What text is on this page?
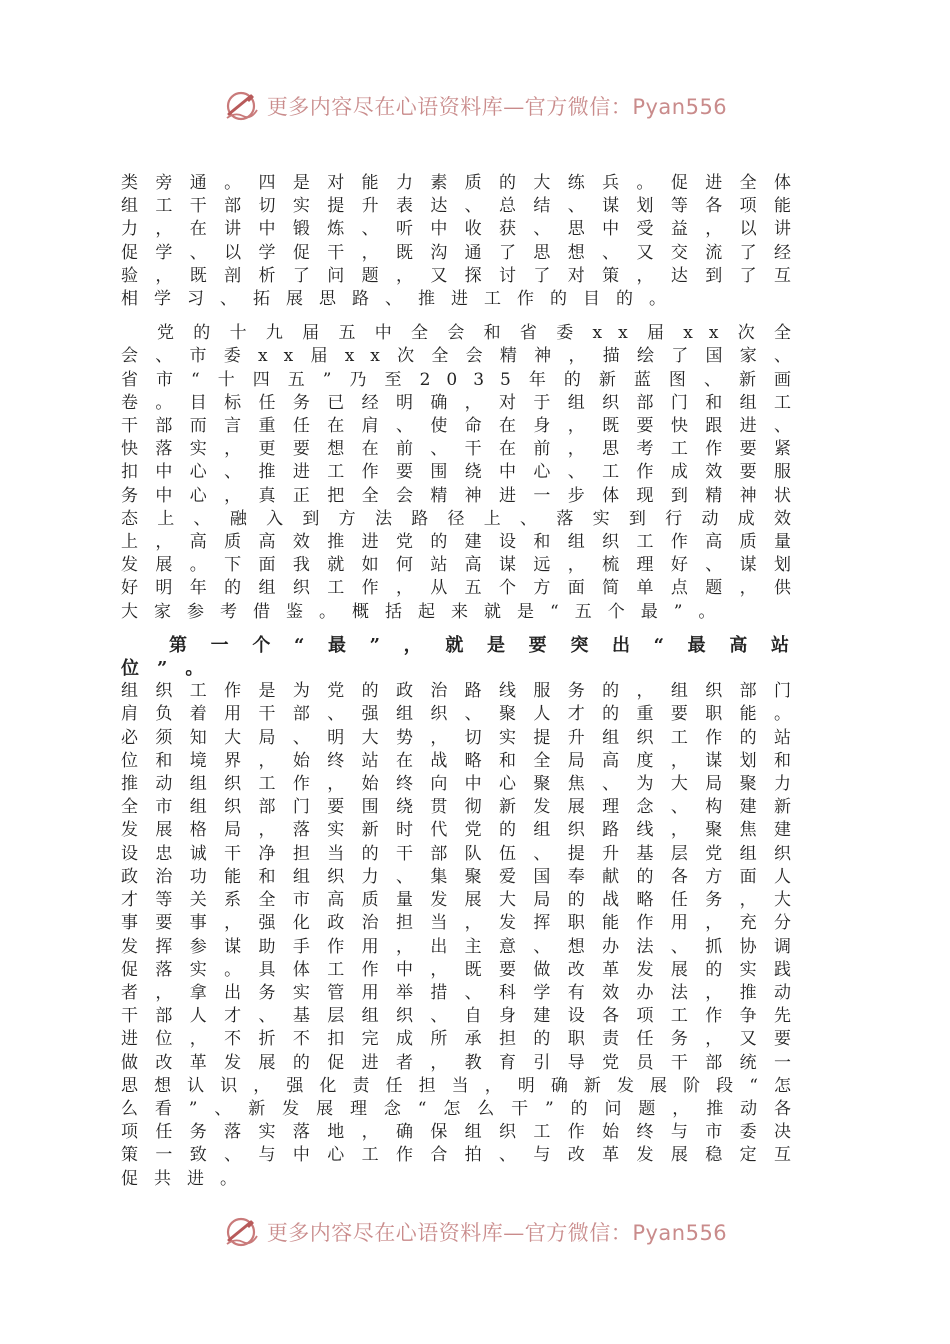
更多内容尽在心语资料库—官方微信：Pyan556

类旁通。四是对能力素质的大练兵。促进全体组工干部切实提升表达、总结、谋划等各项能力，在讲中锻炼、听中收获、思中受益，以讲促学、以学促干，既沟通了思想、又交流了经验，既剖析了问题，又探讨了对策，达到了互相学习、拓展思路、推进工作的目的。

党的十九届五中全会和省委xx届xx次全会、市委xx届xx次全会精神，描绘了国家、省市“十四五”乃至2035年的新蓝图、新画卷。目标任务已经明确，对于组织部门和组工干部而言重任在肩、使命在身，既要快跟进、快落实，更要想在前、干在前，思考工作要紧扣中心、推进工作要围绕中心、工作成效要服务中心，真正把全会精神进一步体现到精神状态上、融入到方法路径上、落实到行动成效上，高质高效推进党的建设和组织工作高质量发展。下面我就如何站高谋远，梳理好、谋划好明年的组织工作，从五个方面简单点题，供大家参考借鉴。概括起来就是“五个最”。

第一个“最”，就是要突出“最高站位”。
组织工作是为党的政治路线服务的，组织部门肩负着用干部、强组织、聚人才的重要职能。必须知大局、明大势，切实提升组织工作的站位和境界，始终站在战略和全局高度，谋划和推动组织工作，始终向中心聚焦、为大局聚力全市组织部门要围绕贯彻新发展理念、构建新发展格局，落实新时代党的组织路线，聚焦建设忠诚干净担当的干部队伍、提升基层党组织政治功能和组织力、集聚爱国奉献的各方面人才等关系全市高质量发展大局的战略任务，大事要事，强化政治担当，发挥职能作用，充分发挥参谋助手作用，出主意、想办法、抓协调促落实。具体工作中，既要做改革发展的实践者，拿出务实管用举措、科学有效办法，推动干部人才、基层组织、自身建设各项工作争先进位，不折不扣完成所承担的职责任务，又要做改革发展的促进者，教育引导党员干部统一思想认识，强化责任担当，明确新发展阶段“怎么看”、新发展理念“怎么干”的问题，推动各项任务落实落地，确保组织工作始终与市委决策一致、与中心工作合拍、与改革发展稳定互促共进。

更多内容尽在心语资料库—官方微信：Pyan556
